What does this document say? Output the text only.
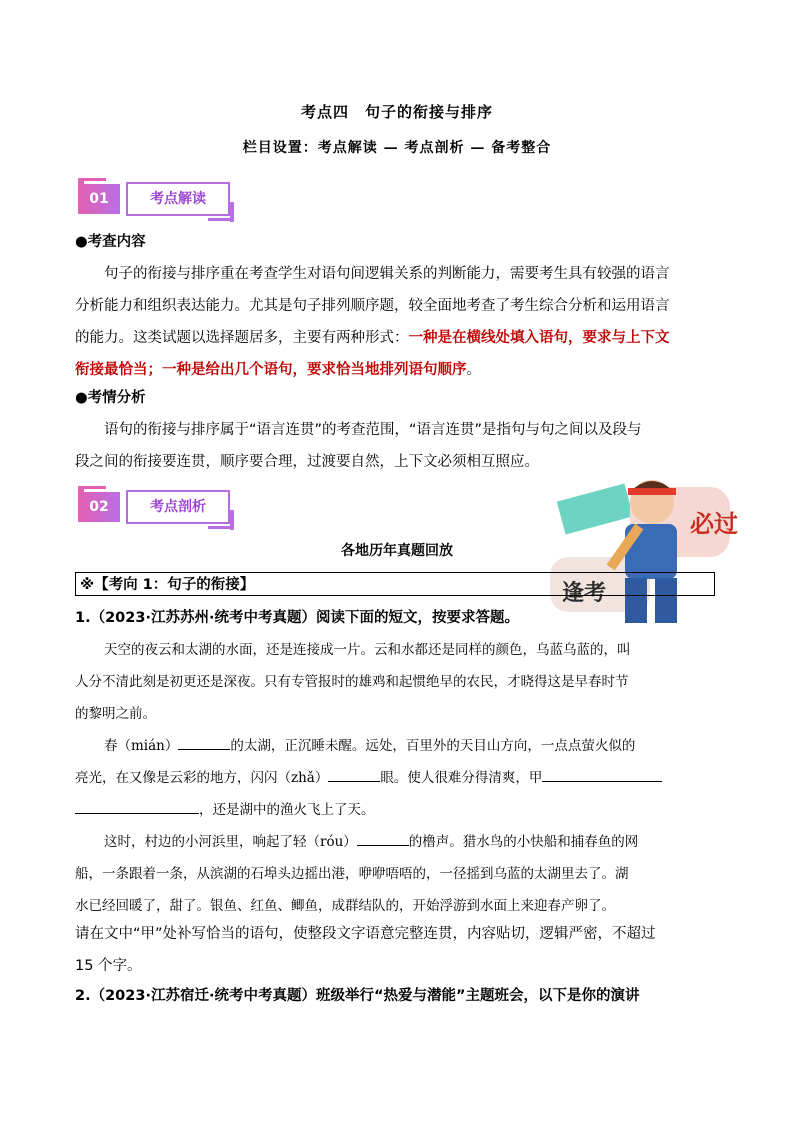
考点四　句子的衔接与排序
栏目设置：考点解读 — 考点剖析 — 备考整合
01	考点解读
●考查内容
句子的衔接与排序重在考查学生对语句间逻辑关系的判断能力，需要考生具有较强的语言
分析能力和组织表达能力。尤其是句子排列顺序题，较全面地考查了考生综合分析和运用语言
的能力。这类试题以选择题居多，主要有两种形式：一种是在横线处填入语句，要求与上下文
衔接最恰当；一种是给出几个语句，要求恰当地排列语句顺序。
●考情分析
语句的衔接与排序属于“语言连贯”的考查范围，“语言连贯”是指句与句之间以及段与
段之间的衔接要连贯，顺序要合理，过渡要自然，上下文必须相互照应。
02	考点剖析
必过
逢考
各地历年真题回放
※【考向 1：句子的衔接】
1.（2023·江苏苏州·统考中考真题）阅读下面的短文，按要求答题。
天空的夜云和太湖的水面，还是连接成一片。云和水都还是同样的颜色，乌蓝乌蓝的，叫
人分不清此刻是初更还是深夜。只有专管报时的雄鸡和起惯绝早的农民，才晓得这是早春时节
的黎明之前。
春（mián）	的太湖，正沉睡未醒。远处，百里外的天目山方向，一点点萤火似的
亮光，在又像是云彩的地方，闪闪（zhǎ）	眼。使人很难分得清爽，甲
，还是湖中的渔火飞上了天。
这时，村边的小河浜里，响起了轻（róu）	的橹声。猎水鸟的小快船和捕春鱼的网
船，一条跟着一条，从滨湖的石埠头边摇出港，咿咿唔唔的，一径摇到乌蓝的太湖里去了。湖
水已经回暖了，甜了。银鱼、红鱼、鲫鱼，成群结队的，开始浮游到水面上来迎春产卵了。
请在文中“甲”处补写恰当的语句，使整段文字语意完整连贯，内容贴切，逻辑严密，不超过
15 个字。
2.（2023·江苏宿迁·统考中考真题）班级举行“热爱与潜能”主题班会，以下是你的演讲
